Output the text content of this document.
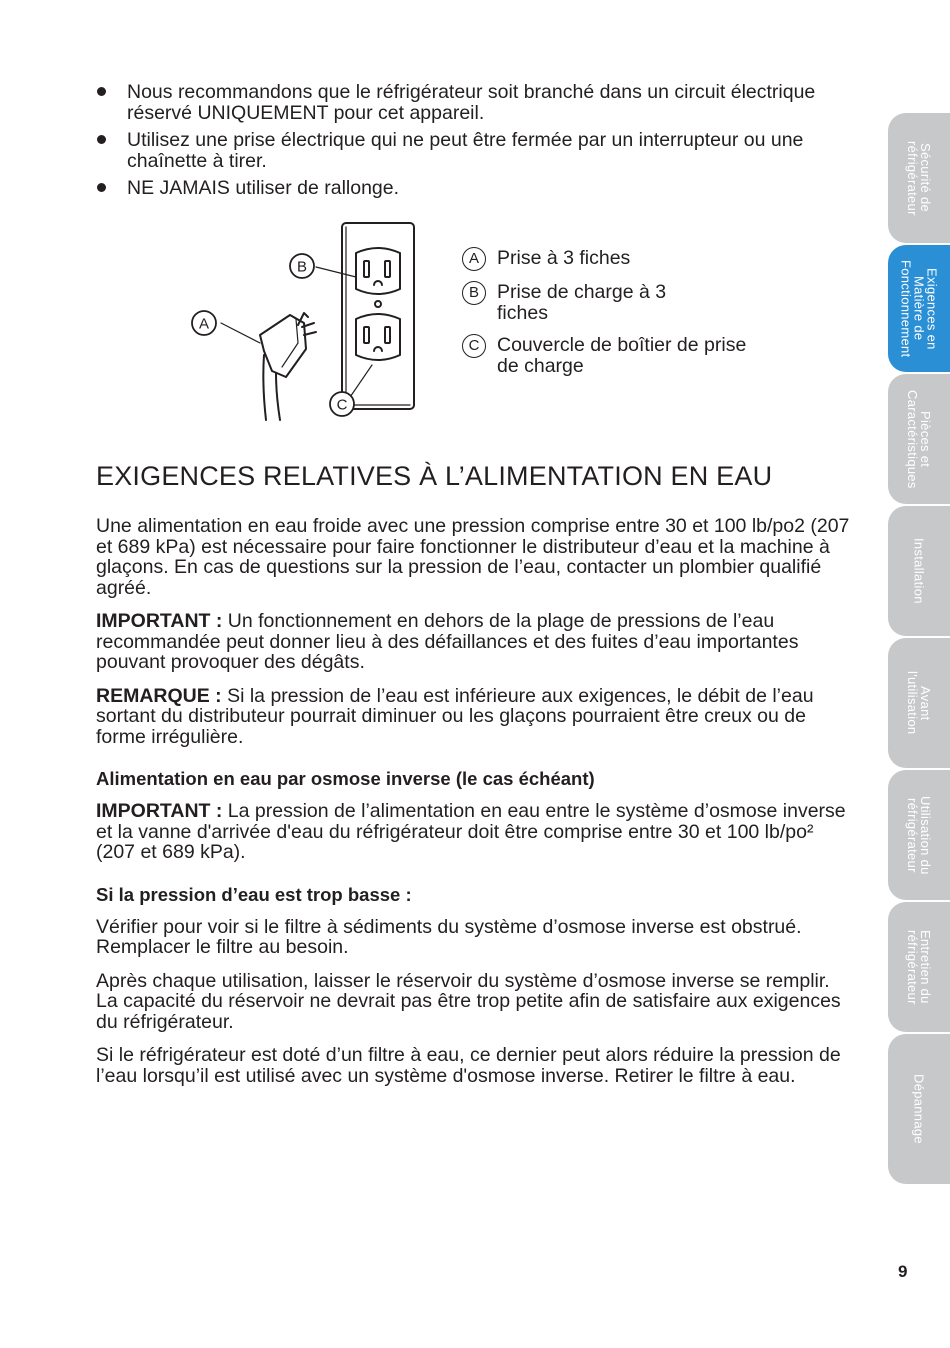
Nous recommandons que le réfrigérateur soit branché dans un circuit électrique réservé UNIQUEMENT pour cet appareil.
Utilisez une prise électrique qui ne peut être fermée par un interrupteur ou une chaînette à tirer.
NE JAMAIS utiliser de rallonge.
B
A
C
A Prise à 3 fiches
B Prise de charge à 3 fiches
C Couvercle de boîtier de prise de charge
EXIGENCES RELATIVES À L’ALIMENTATION EN EAU

Une alimentation en eau froide avec une pression comprise entre 30 et 100 lb/po2 (207 et 689 kPa) est nécessaire pour faire fonctionner le distributeur d’eau et la machine à glaçons. En cas de questions sur la pression de l’eau, contacter un plombier qualifié agréé.

IMPORTANT : Un fonctionnement en dehors de la plage de pressions de l’eau recommandée peut donner lieu à des défaillances et des fuites d’eau importantes pouvant provoquer des dégâts.

REMARQUE : Si la pression de l’eau est inférieure aux exigences, le débit de l’eau sortant du distributeur pourrait diminuer ou les glaçons pourraient être creux ou de forme irrégulière.

Alimentation en eau par osmose inverse (le cas échéant)

IMPORTANT : La pression de l’alimentation en eau entre le système d’osmose inverse et la vanne d'arrivée d'eau du réfrigérateur doit être comprise entre 30 et 100 lb/po² (207 et 689 kPa).

Si la pression d’eau est trop basse :

Vérifier pour voir si le filtre à sédiments du système d’osmose inverse est obstrué. Remplacer le filtre au besoin.

Après chaque utilisation, laisser le réservoir du système d’osmose inverse se remplir. La capacité du réservoir ne devrait pas être trop petite afin de satisfaire aux exigences du réfrigérateur.

Si le réfrigérateur est doté d’un filtre à eau, ce dernier peut alors réduire la pression de l’eau lorsqu’il est utilisé avec un système d'osmose inverse. Retirer le filtre à eau.

Sécurité de
réfrigérateur
Exigences en
Matière de
Fonctionnement
Pièces et
Caractéristiques
Installation
Avant
l'utilisation
Utilisation du
réfrigérateur
Entretien du
réfrigérateur
Dépannage
9
